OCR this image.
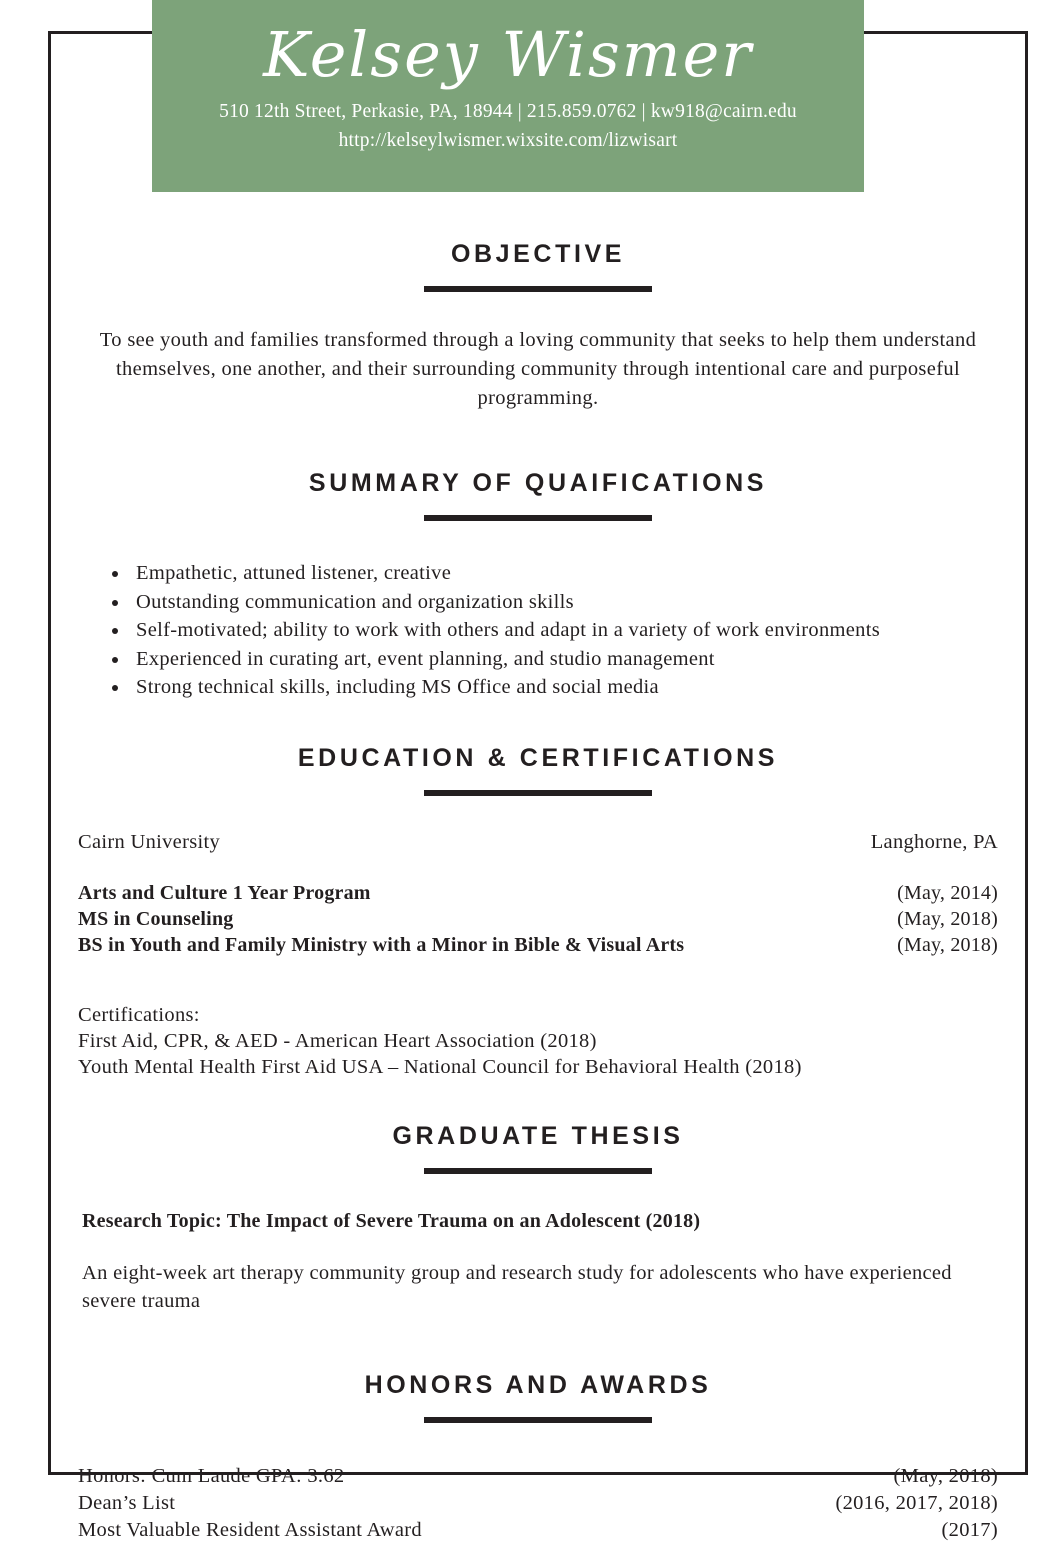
Kelsey Wismer
510 12th Street, Perkasie, PA, 18944 | 215.859.0762 | kw918@cairn.edu
http://kelseylwismer.wixsite.com/lizwisart
OBJECTIVE
To see youth and families transformed through a loving community that seeks to help them understand themselves, one another, and their surrounding community through intentional care and purposeful programming.
SUMMARY OF QUAIFICATIONS
• Empathetic, attuned listener, creative
• Outstanding communication and organization skills
• Self-motivated; ability to work with others and adapt in a variety of work environments
• Experienced in curating art, event planning, and studio management
• Strong technical skills, including MS Office and social media
EDUCATION & CERTIFICATIONS
Cairn University	Langhorne, PA
Arts and Culture 1 Year Program	(May, 2014)
MS in Counseling	(May, 2018)
BS in Youth and Family Ministry with a Minor in Bible & Visual Arts	(May, 2018)
Certifications:
First Aid, CPR, & AED - American Heart Association (2018)
Youth Mental Health First Aid USA – National Council for Behavioral Health (2018)
GRADUATE THESIS
Research Topic: The Impact of Severe Trauma on an Adolescent (2018)
An eight-week art therapy community group and research study for adolescents who have experienced severe trauma
HONORS AND AWARDS
Honors: Cum Laude GPA: 3.62	(May, 2018)
Dean’s List	(2016, 2017, 2018)
Most Valuable Resident Assistant Award	(2017)
